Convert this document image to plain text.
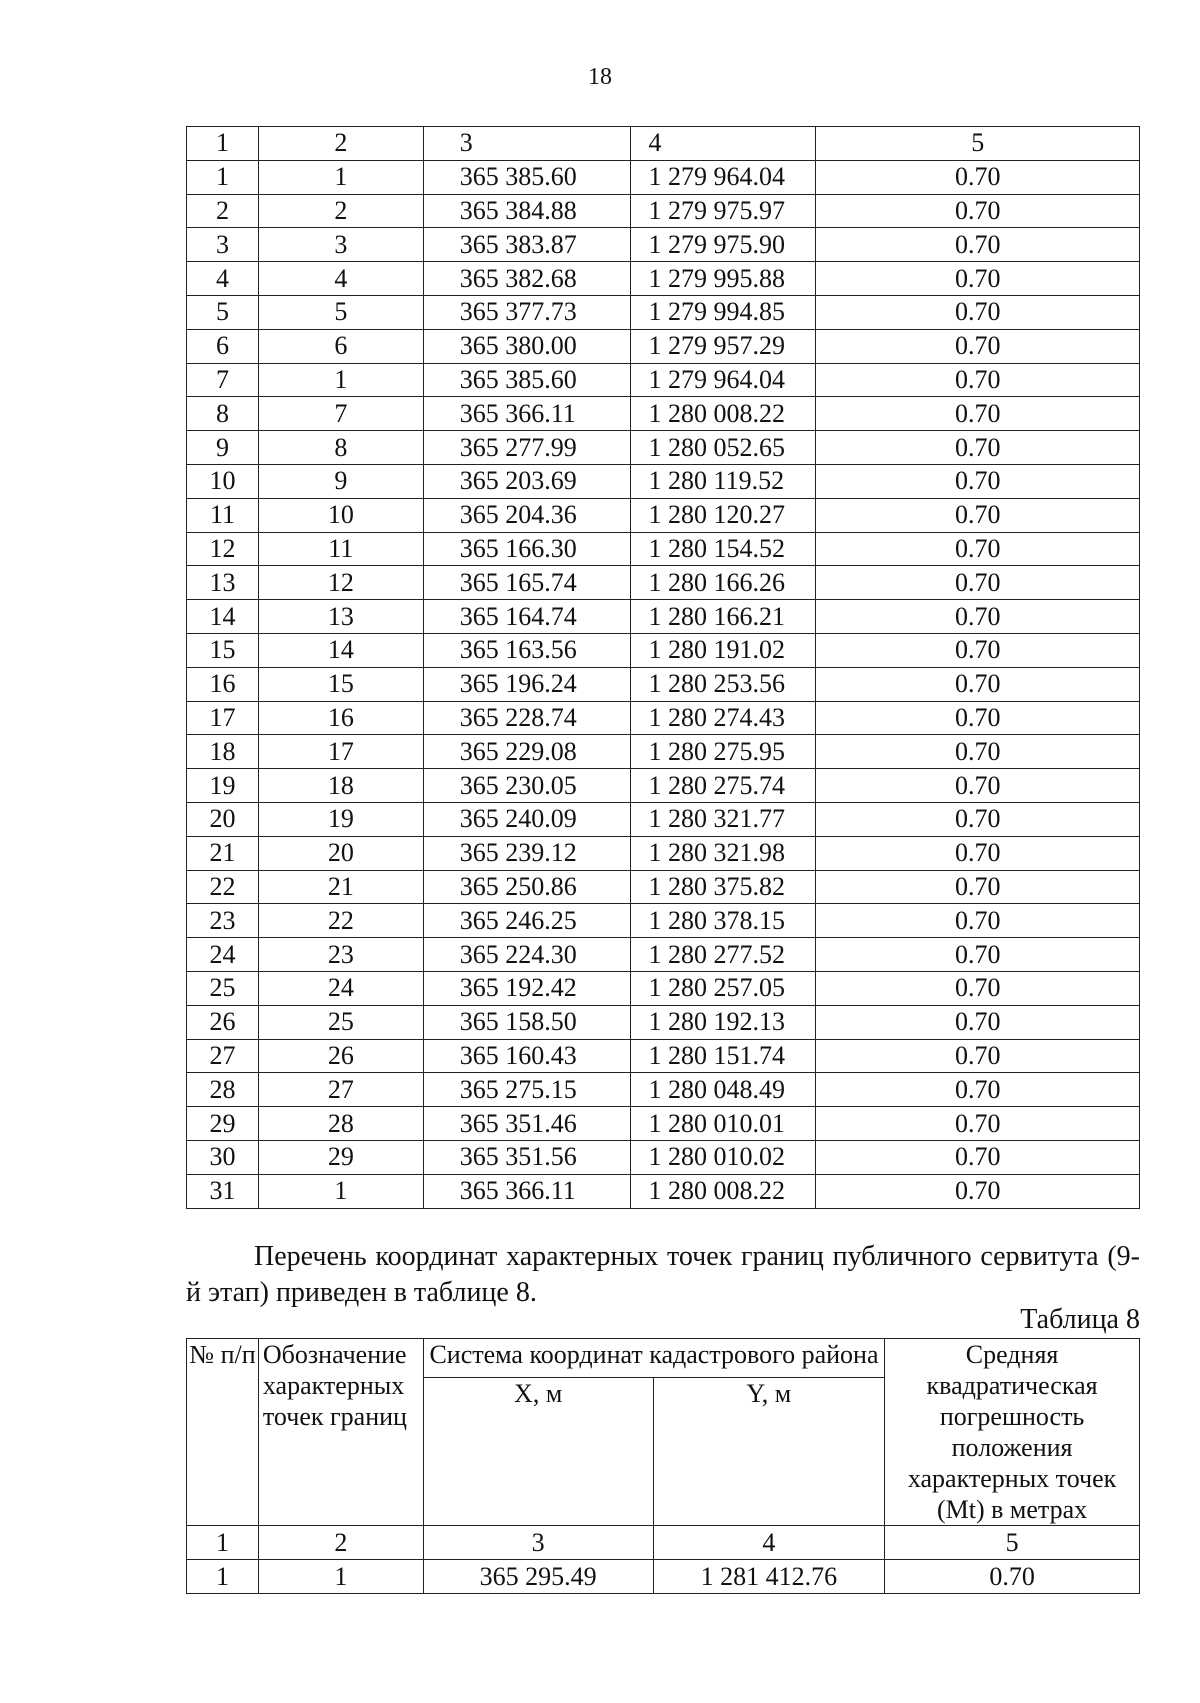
18
1	2	3	4	5
1	1	365 385.60	1 279 964.04	0.70
2	2	365 384.88	1 279 975.97	0.70
3	3	365 383.87	1 279 975.90	0.70
4	4	365 382.68	1 279 995.88	0.70
5	5	365 377.73	1 279 994.85	0.70
6	6	365 380.00	1 279 957.29	0.70
7	1	365 385.60	1 279 964.04	0.70
8	7	365 366.11	1 280 008.22	0.70
9	8	365 277.99	1 280 052.65	0.70
10	9	365 203.69	1 280 119.52	0.70
11	10	365 204.36	1 280 120.27	0.70
12	11	365 166.30	1 280 154.52	0.70
13	12	365 165.74	1 280 166.26	0.70
14	13	365 164.74	1 280 166.21	0.70
15	14	365 163.56	1 280 191.02	0.70
16	15	365 196.24	1 280 253.56	0.70
17	16	365 228.74	1 280 274.43	0.70
18	17	365 229.08	1 280 275.95	0.70
19	18	365 230.05	1 280 275.74	0.70
20	19	365 240.09	1 280 321.77	0.70
21	20	365 239.12	1 280 321.98	0.70
22	21	365 250.86	1 280 375.82	0.70
23	22	365 246.25	1 280 378.15	0.70
24	23	365 224.30	1 280 277.52	0.70
25	24	365 192.42	1 280 257.05	0.70
26	25	365 158.50	1 280 192.13	0.70
27	26	365 160.43	1 280 151.74	0.70
28	27	365 275.15	1 280 048.49	0.70
29	28	365 351.46	1 280 010.01	0.70
30	29	365 351.56	1 280 010.02	0.70
31	1	365 366.11	1 280 008.22	0.70
Перечень координат характерных точек границ публичного сервитута (9-й этап) приведен в таблице 8.
Таблица 8
№ п/п	Обозначение характерных точек границ	Система координат кадастрового района		Средняя квадратическая погрешность положения характерных точек (Mt) в метрах
		X, м	Y, м	
1	2	3	4	5
1	1	365 295.49	1 281 412.76	0.70
